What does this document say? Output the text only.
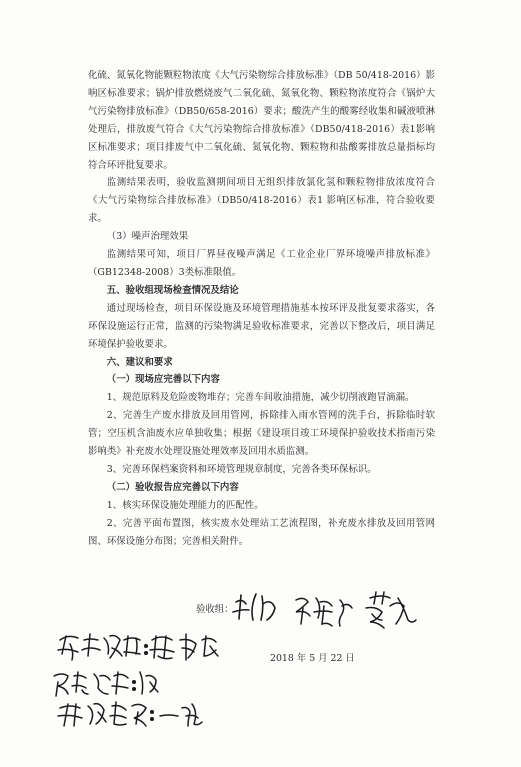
化硫、氮氧化物能颗粒物浓度《大气污染物综合排放标准》（DB 50/418-2016）影响区标准要求；锅炉排放燃烧废气二氧化硫、氮氧化物、颗粒物浓度符合《锅炉大气污染物排放标准》（DB50/658-2016）要求；酸洗产生的酸雾经收集和碱液喷淋处理后，排放废气符合《大气污染物综合排放标准》（DB50/418-2016）表1影响区标准要求；项目排废气中二氧化硫、氮氧化物、颗粒物和盐酸雾排放总量指标均符合环评批复要求。

监测结果表明，验收监测期间项目无组织排放氯化氢和颗粒物排放浓度符合《大气污染物综合排放标准》（DB50/418-2016）表1 影响区标准，符合验收要求。

（3）噪声治理效果

监测结果可知，项目厂界昼夜噪声满足《工业企业厂界环境噪声排放标准》（GB12348-2008）3类标准限值。

五、验收组现场检查情况及结论

通过现场检查，项目环保设施及环境管理措施基本按环评及批复要求落实，各环保设施运行正常，监测的污染物满足验收标准要求，完善以下整改后，项目满足环境保护验收要求。

六、建议和要求

（一）现场应完善以下内容

1、规范原料及危险废物堆存；完善车间收油措施，减少切削液跑冒滴漏。

2、完善生产废水排放及回用管网，拆除排入雨水管网的洗手台，拆除临时软管；空压机含油废水应单独收集；根据《建设项目竣工环境保护验收技术指南污染影响类》补充废水处理设施处理效率及回用水质监测。

3、完善环保档案资料和环境管理规章制度，完善各类环保标识。

（二）验收报告应完善以下内容

1、核实环保设施处理能力的匹配性。

2、完善平面布置图，核实废水处理站工艺流程图，补充废水排放及回用管网图、环保设施分布图；完善相关附件。

验收组：
2018 年 5 月 22 日
